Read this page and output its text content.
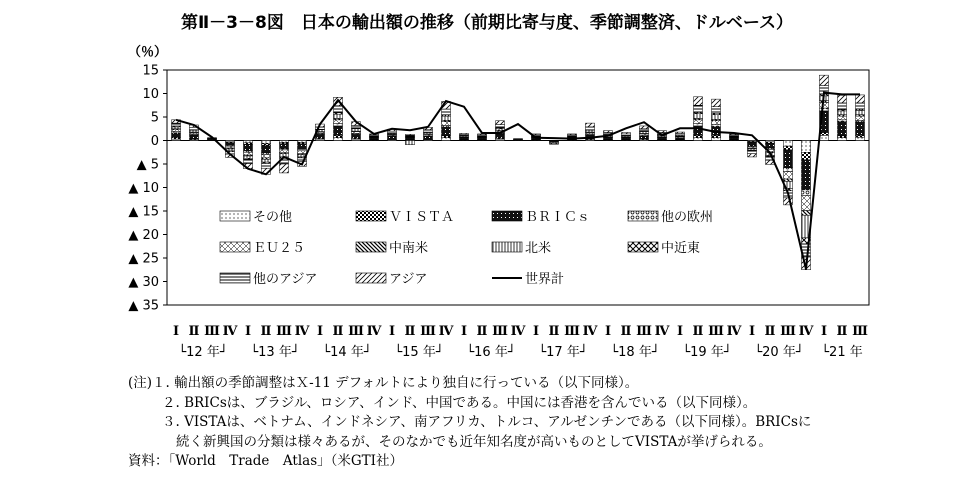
第Ⅱ－3－8図　日本の輸出額の推移（前期比寄与度、季節調整済、ドルベース）
（％）
15
10
5
0
▲ 5
▲ 10
▲ 15
▲ 20
▲ 25
▲ 30
▲ 35
その他	ＶＩＳＴＡ	ＢＲＩＣｓ	他の欧州
ＥＵ２５	中南米	北米	中近東
他のアジア	アジア	世界計
Ⅰ Ⅱ Ⅲ Ⅳ Ⅰ Ⅱ Ⅲ Ⅳ Ⅰ Ⅱ Ⅲ Ⅳ Ⅰ Ⅱ Ⅲ Ⅳ Ⅰ Ⅱ Ⅲ Ⅳ Ⅰ Ⅱ Ⅲ Ⅳ Ⅰ Ⅱ Ⅲ Ⅳ Ⅰ Ⅱ Ⅲ Ⅳ Ⅰ Ⅱ Ⅲ Ⅳ Ⅰ Ⅱ Ⅲ
└12 年┘ └13 年┘ └14 年┘ └15 年┘ └16 年┘ └17 年┘ └18 年┘ └19 年┘ └20 年┘ └21 年
(注)１. 輸出額の季節調整はＸ-11 デフォルトにより独自に行っている（以下同様）。
２. BRICsは、ブラジル、ロシア、インド、中国である。中国には香港を含んでいる（以下同様）。
３. VISTAは、ベトナム、インドネシア、南アフリカ、トルコ、アルゼンチンである（以下同様）。BRICsに
続く新興国の分類は様々あるが、そのなかでも近年知名度が高いものとしてVISTAが挙げられる。
資料：「World　Trade　Atlas」（米GTI社）
